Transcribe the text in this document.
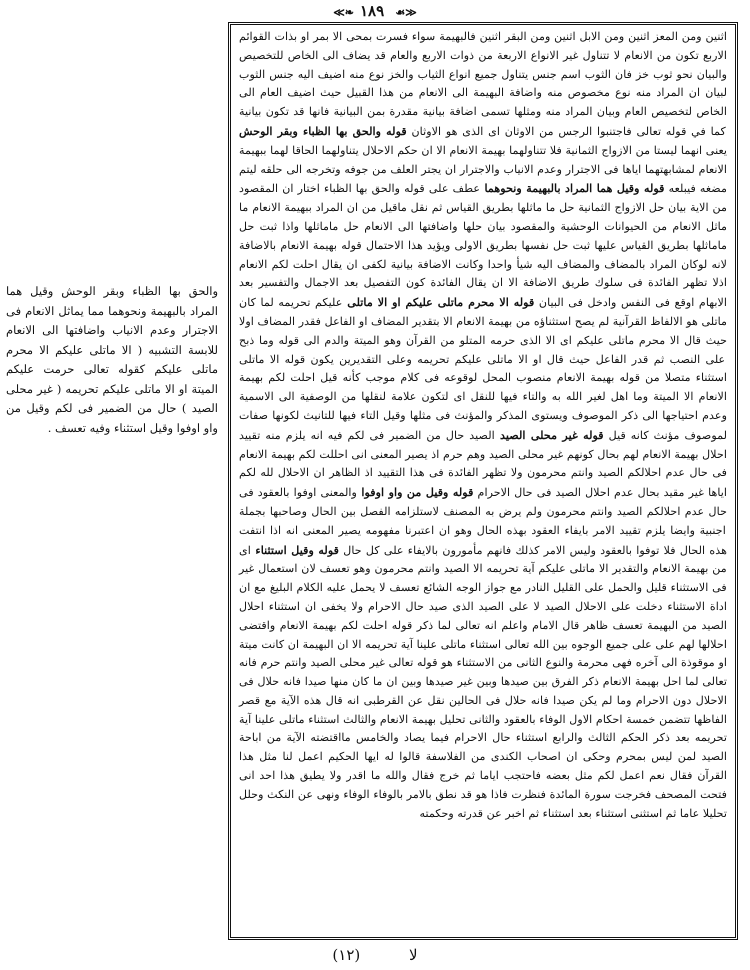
≪❧ ١٨٩ ☙≫

اثنين ومن المعز اثنين ومن الابل اثنين ومن البقر اثنين فالبهيمة سواء فسرت بمحى الا بمر او بذات القوائم الاربع تكون من الانعام لا تتناول غير الانواع الاربعة من ذوات الاربع والعام قد يضاف الى الخاص للتخصيص والبيان نحو ثوب خز فان الثوب اسم جنس يتناول جميع انواع الثياب والخز نوع منه اضيف اليه جنس الثوب لبيان ان المراد منه نوع مخصوص منه واضافة البهيمة الى الانعام من هذا القبيل حيث اضيف العام الى الخاص لتخصيص العام وبيان المراد منه ومثلها تسمى اضافة بيانية مقدرة بمن البيانية فانها قد تكون بيانية كما في قوله تعالى فاجتنبوا الرجس من الاوثان اى الذى هو الاوثان قوله والحق بها الظباء وبقر الوحش يعنى انهما ليستا من الازواج الثمانية فلا تتناولهما بهيمة الانعام الا ان حكم الاحلال يتناولهما الحاقا لهما ببهيمة الانعام لمشابهتهما اياها فى الاجترار وعدم الانياب والاجترار ان يجتر العلف من جوفه وتخرجه الى حلقه ليتم مضغه فيبلعه قوله وقيل هما المراد بالبهيمة ونحوهما عطف على قوله والحق بها الظباء اختار ان المقصود من الاية بيان حل الازواج الثمانية حل ما ماثلها بطريق القياس ثم نقل ماقيل من ان المراد ببهيمة الانعام ما ماثل الانعام من الحيوانات الوحشية والمقصود بيان حلها واضافتها الى الانعام حل ماماثلها واذا ثبت حل ماماثلها بطريق القياس عليها ثبت حل نفسها بطريق الاولى ويؤيد هذا الاحتمال قوله بهيمة الانعام بالاضافة لانه لوكان المراد بالمضاف والمضاف اليه شيأ واحدا وكانت الاضافة بيانية لكفى ان يقال احلت لكم الانعام اذلا تظهر الفائدة فى سلوك طريق الاضافة الا ان يقال الفائدة كون التفصيل بعد الاجمال والتفسير بعد الابهام اوقع فى النفس وادخل فى البيان قوله الا محرم ماتلى عليكم او الا ماتلى عليكم تحريمه لما كان ماتلى هو الالفاظ القرآنية لم يصح استثناؤه من بهيمة الانعام الا بتقدير المضاف او الفاعل فقدر المضاف اولا حيث قال الا محرم ماتلى عليكم اى الا الذى حرمه المتلو من القرآن وهو الميتة والدم الى قوله وما ذبح على النصب ثم قدر الفاعل حيث قال او الا ماتلى عليكم تحريمه وعلى التقديرين يكون قوله الا ماتلى استثناء متصلا من قوله بهيمة الانعام منصوب المحل لوقوعه فى كلام موجب كأنه قيل احلت لكم بهيمة الانعام الا الميتة وما اهل لغير الله به والتاء فيها للنقل اى لتكون علامة لنقلها من الوصفية الى الاسمية وعدم احتياجها الى ذكر الموصوف ويستوى المذكر والمؤنث فى مثلها وقيل التاء فيها للتانيث لكونها صفات لموصوف مؤنث كانه قيل قوله غير محلى الصيد الصيد حال من الضمير فى لكم فيه انه يلزم منه تقييد احلال بهيمة الانعام لهم بحال كونهم غير محلى الصيد وهم حرم اذ يصير المعنى انى احللت لكم بهيمة الانعام فى حال عدم احلالكم الصيد وانتم محرمون ولا تظهر الفائدة فى هذا التقييد اذ الظاهر ان الاحلال لله لكم اياها غير مقيد بحال عدم احلال الصيد فى حال الاحرام قوله وقيل من واو اوفوا والمعنى اوفوا بالعقود فى حال عدم احلالكم الصيد وانتم محرمون ولم يرض به المصنف لاستلزامه الفصل بين الحال وصاحبها بجملة اجنبية وايضا يلزم تقييد الامر بايفاء العقود بهذه الحال وهو ان اعتبرنا مفهومه يصير المعنى انه اذا انتفت هذه الحال فلا توفوا بالعقود وليس الامر كذلك فانهم مأمورون بالايفاء على كل حال قوله وقيل استثناء اى من بهيمة الانعام والتقدير الا ماتلى عليكم آية تحريمه الا الصيد وانتم محرمون وهو تعسف لان استعمال غير فى الاستثناء قليل والحمل على القليل النادر مع جواز الوجه الشائع تعسف لا يحمل عليه الكلام البليغ مع ان اداة الاستثناء دخلت على الاحلال الصيد لا على الصيد الذى صيد حال الاحرام ولا يخفى ان استثناء احلال الصيد من البهيمة تعسف ظاهر قال الامام واعلم انه تعالى لما ذكر قوله احلت لكم بهيمة الانعام واقتضى احلالها لهم على على جميع الوجوه بين الله تعالى استثناء ماتلى علينا آية تحريمه الا ان البهيمة ان كانت ميتة او موقوذة الى آخره فهى محرمة والنوع الثانى من الاستثناء هو قوله تعالى غير محلى الصيد وانتم حرم فانه تعالى لما احل بهيمة الانعام ذكر الفرق بين صيدها وبين غير صيدها وبين ان ما كان منها صيدا فانه حلال فى الاحلال دون الاحرام وما لم يكن صيدا فانه حلال فى الحالين نقل عن القرطبى انه قال هذه الآية مع قصر الفاظها تتضمن خمسة احكام الاول الوفاء بالعقود والثانى تحليل بهيمة الانعام والثالث استثناء ماتلى علينا آية تحريمه بعد ذكر الحكم الثالث والرابع استثناء حال الاحرام فيما يصاد والخامس مااقتضته الآية من اباحة الصيد لمن ليس بمحرم وحكى ان اصحاب الكندى من الفلاسفة قالوا له ايها الحكيم اعمل لنا مثل هذا القرآن فقال نعم اعمل لكم مثل بعضه فاحتجب اياما ثم خرج فقال والله ما اقدر ولا يطيق هذا احد انى فتحت المصحف فخرجت سورة المائدة فنظرت فاذا هو قد نطق بالامر بالوفاء الوفاء ونهى عن النكث وحلل تحليلا عاما ثم استثنى استثناء بعد استثناء ثم اخبر عن قدرته وحكمته

والحق بها الظباء وبقر الوحش وقيل هما المراد بالبهيمة ونحوهما مما يماثل الانعام فى الاجترار وعدم الانياب واضافتها الى الانعام للابسة التشبيه ( الا ماتلى عليكم الا محرم ماتلى عليكم كقوله تعالى حرمت عليكم الميتة او الا ماتلى عليكم تحريمه ( غير محلى الصيد ) حال من الضمير فى لكم وقيل من واو اوفوا وقيل استثناء وفيه تعسف .

لا (١٢)
